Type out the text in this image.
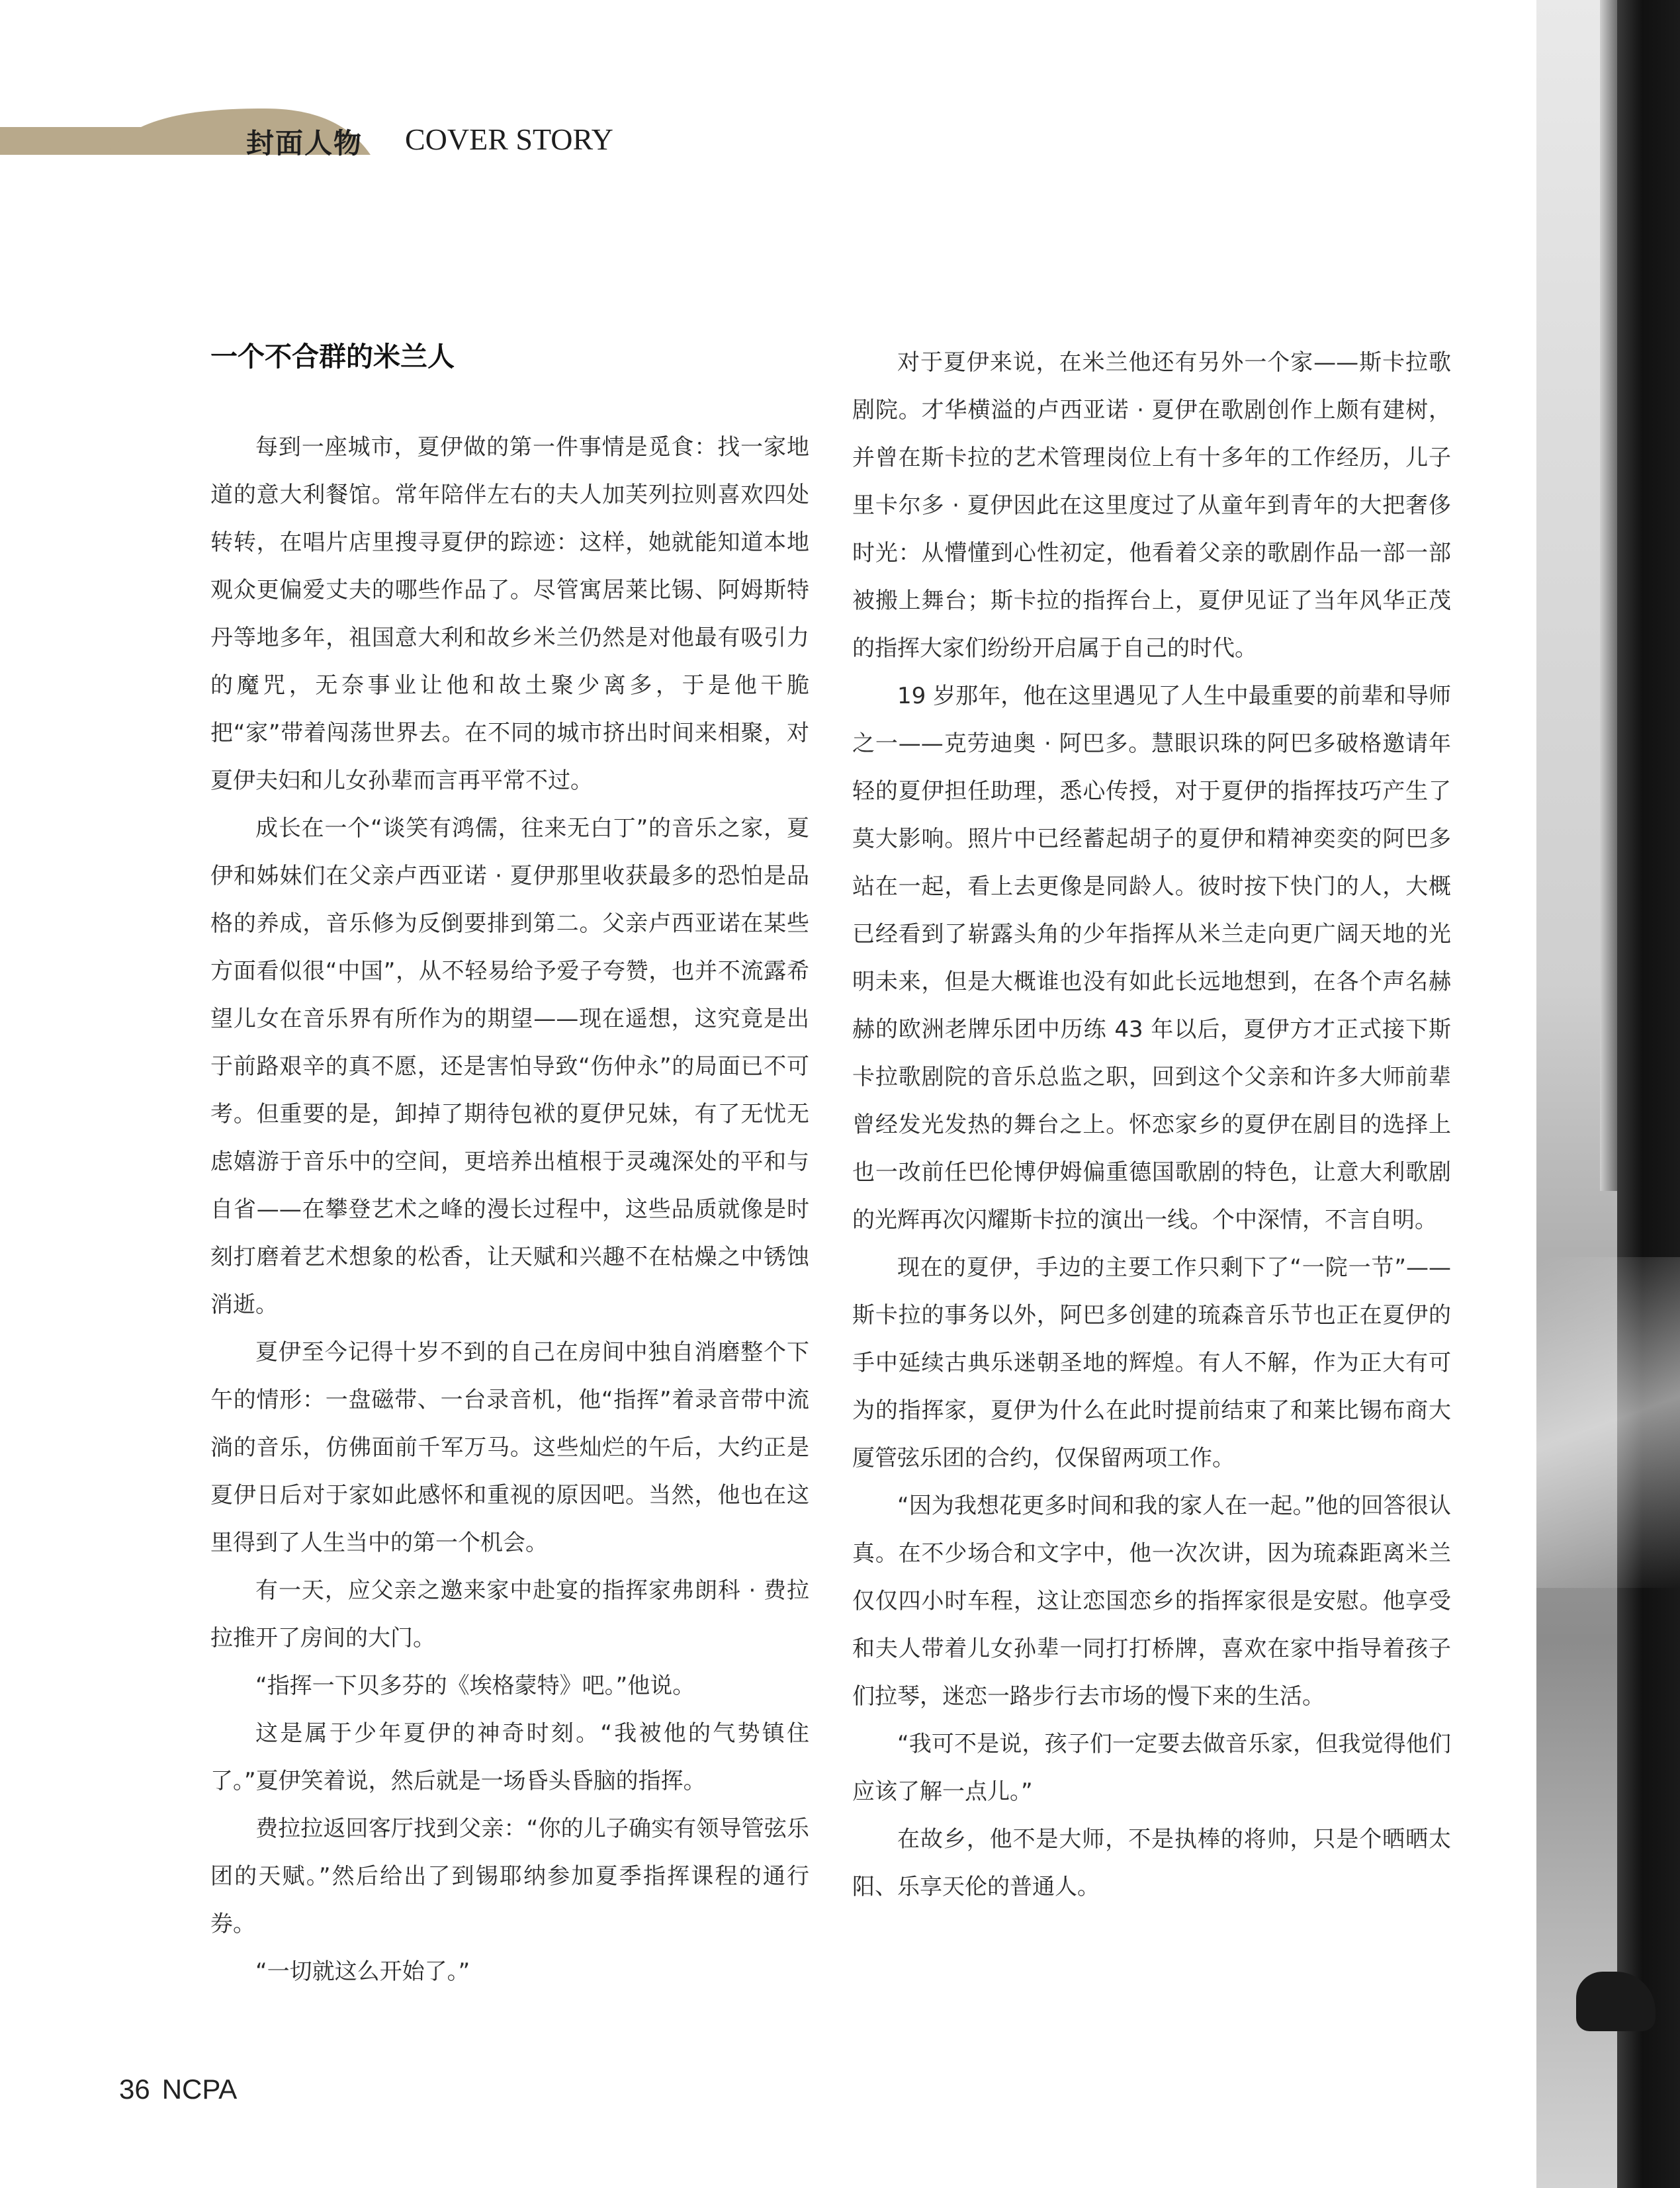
封面人物 COVER STORY
一个不合群的米兰人

每到一座城市，夏伊做的第一件事情是觅食：找一家地道的意大利餐馆。常年陪伴左右的夫人加芙列拉则喜欢四处转转，在唱片店里搜寻夏伊的踪迹：这样，她就能知道本地观众更偏爱丈夫的哪些作品了。尽管寓居莱比锡、阿姆斯特丹等地多年，祖国意大利和故乡米兰仍然是对他最有吸引力的魔咒，无奈事业让他和故土聚少离多，于是他干脆把“家”带着闯荡世界去。在不同的城市挤出时间来相聚，对夏伊夫妇和儿女孙辈而言再平常不过。

成长在一个“谈笑有鸿儒，往来无白丁”的音乐之家，夏伊和姊妹们在父亲卢西亚诺 · 夏伊那里收获最多的恐怕是品格的养成，音乐修为反倒要排到第二。父亲卢西亚诺在某些方面看似很“中国”，从不轻易给予爱子夸赞，也并不流露希望儿女在音乐界有所作为的期望——现在遥想，这究竟是出于前路艰辛的真不愿，还是害怕导致“伤仲永”的局面已不可考。但重要的是，卸掉了期待包袱的夏伊兄妹，有了无忧无虑嬉游于音乐中的空间，更培养出植根于灵魂深处的平和与自省——在攀登艺术之峰的漫长过程中，这些品质就像是时刻打磨着艺术想象的松香，让天赋和兴趣不在枯燥之中锈蚀消逝。

夏伊至今记得十岁不到的自己在房间中独自消磨整个下午的情形：一盘磁带、一台录音机，他“指挥”着录音带中流淌的音乐，仿佛面前千军万马。这些灿烂的午后，大约正是夏伊日后对于家如此感怀和重视的原因吧。当然，他也在这里得到了人生当中的第一个机会。

有一天，应父亲之邀来家中赴宴的指挥家弗朗科 · 费拉拉推开了房间的大门。

“指挥一下贝多芬的《埃格蒙特》吧。”他说。

这是属于少年夏伊的神奇时刻。“我被他的气势镇住了。”夏伊笑着说，然后就是一场昏头昏脑的指挥。

费拉拉返回客厅找到父亲：“你的儿子确实有领导管弦乐团的天赋。”然后给出了到锡耶纳参加夏季指挥课程的通行券。

“一切就这么开始了。”

对于夏伊来说，在米兰他还有另外一个家——斯卡拉歌剧院。才华横溢的卢西亚诺 · 夏伊在歌剧创作上颇有建树，并曾在斯卡拉的艺术管理岗位上有十多年的工作经历，儿子里卡尔多 · 夏伊因此在这里度过了从童年到青年的大把奢侈时光：从懵懂到心性初定，他看着父亲的歌剧作品一部一部被搬上舞台；斯卡拉的指挥台上，夏伊见证了当年风华正茂的指挥大家们纷纷开启属于自己的时代。

19 岁那年，他在这里遇见了人生中最重要的前辈和导师之一——克劳迪奥 · 阿巴多。慧眼识珠的阿巴多破格邀请年轻的夏伊担任助理，悉心传授，对于夏伊的指挥技巧产生了莫大影响。照片中已经蓄起胡子的夏伊和精神奕奕的阿巴多站在一起，看上去更像是同龄人。彼时按下快门的人，大概已经看到了崭露头角的少年指挥从米兰走向更广阔天地的光明未来，但是大概谁也没有如此长远地想到，在各个声名赫赫的欧洲老牌乐团中历练 43 年以后，夏伊方才正式接下斯卡拉歌剧院的音乐总监之职，回到这个父亲和许多大师前辈曾经发光发热的舞台之上。怀恋家乡的夏伊在剧目的选择上也一改前任巴伦博伊姆偏重德国歌剧的特色，让意大利歌剧的光辉再次闪耀斯卡拉的演出一线。个中深情，不言自明。

现在的夏伊，手边的主要工作只剩下了“一院一节”——斯卡拉的事务以外，阿巴多创建的琉森音乐节也正在夏伊的手中延续古典乐迷朝圣地的辉煌。有人不解，作为正大有可为的指挥家，夏伊为什么在此时提前结束了和莱比锡布商大厦管弦乐团的合约，仅保留两项工作。

“因为我想花更多时间和我的家人在一起。”他的回答很认真。在不少场合和文字中，他一次次讲，因为琉森距离米兰仅仅四小时车程，这让恋国恋乡的指挥家很是安慰。他享受和夫人带着儿女孙辈一同打打桥牌，喜欢在家中指导着孩子们拉琴，迷恋一路步行去市场的慢下来的生活。

“我可不是说，孩子们一定要去做音乐家，但我觉得他们应该了解一点儿。”

在故乡，他不是大师，不是执棒的将帅，只是个晒晒太阳、乐享天伦的普通人。

36 NCPA
